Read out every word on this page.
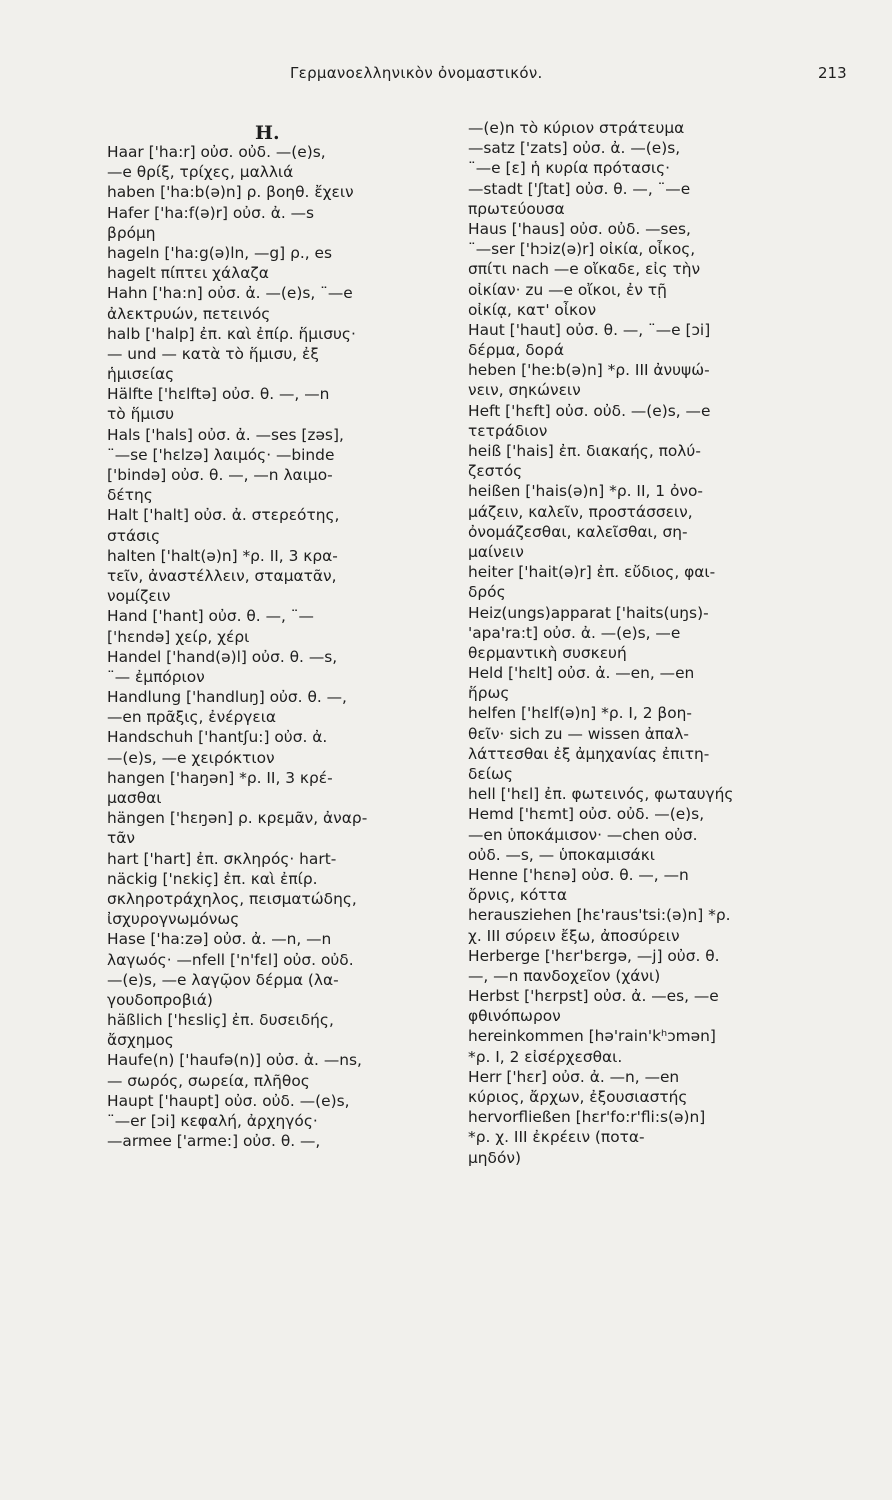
Γερμανοελληνικὸν ὀνομαστικόν.	213
H.
Haar ['ha:r] οὐσ. οὐδ. —(e)s,
—e θρίξ, τρίχες, μαλλιά
haben ['ha:b(ə)n] ρ. βοηθ. ἔχειν
Hafer ['ha:f(ə)r] οὐσ. ἀ. —s
βρόμη
hageln ['ha:g(ə)ln, —g] ρ., es
hagelt πίπτει χάλαζα
Hahn ['ha:n] οὐσ. ἀ. —(e)s, ¨—e
ἀλεκτρυών, πετεινός
halb ['halp] ἐπ. καὶ ἐπίρ. ἥμισυς·
— und — κατὰ τὸ ἥμισυ, ἐξ
ἡμισείας
Hälfte ['hɛlftə] οὐσ. θ. —, —n
τὸ ἥμισυ
Hals ['hals] οὐσ. ἀ. —ses [zəs],
¨—se ['hɛlzə] λαιμός· —binde
['bində] οὐσ. θ. —, —n λαιμο-
δέτης
Halt ['halt] οὐσ. ἀ. στερεότης,
στάσις
halten ['halt(ə)n] *ρ. II, 3 κρα-
τεῖν, ἀναστέλλειν, σταματᾶν,
νομίζειν
Hand ['hant] οὐσ. θ. —, ¨—
['hɛndə] χείρ, χέρι
Handel ['hand(ə)l] οὐσ. θ. —s,
¨— ἐμπόριον
Handlung ['handluŋ] οὐσ. θ. —,
—en πρᾶξις, ἐνέργεια
Handschuh ['hantʃu:] οὐσ. ἀ.
—(e)s, —e χειρόκτιον
hangen ['haŋən] *ρ. II, 3 κρέ-
μασθαι
hängen ['hɛŋən] ρ. κρεμᾶν, ἀναρ-
τᾶν
hart ['hart] ἐπ. σκληρός· hart-
näckig ['nɛkiç] ἐπ. καὶ ἐπίρ.
σκληροτράχηλος, πεισματώδης,
ἰσχυρογνωμόνως
Hase ['ha:zə] οὐσ. ἀ. —n, —n
λαγωός· —nfell ['n'fɛl] οὐσ. οὐδ.
—(e)s, —e λαγῷον δέρμα (λα-
γουδοπροβιά)
häßlich ['hɛsliç] ἐπ. δυσειδής,
ἄσχημος
Haufe(n) ['haufə(n)] οὐσ. ἀ. —ns,
— σωρός, σωρεία, πλῆθος
Haupt ['haupt] οὐσ. οὐδ. —(e)s,
¨—er [ɔi] κεφαλή, ἀρχηγός·
—armee ['arme:] οὐσ. θ. —,
—(e)n τὸ κύριον στράτευμα
—satz ['zats] οὐσ. ἀ. —(e)s,
¨—e [ɛ] ἡ κυρία πρότασις·
—stadt ['ʃtat] οὐσ. θ. —, ¨—e
πρωτεύουσα
Haus ['haus] οὐσ. οὐδ. —ses,
¨—ser ['hɔiz(ə)r] οἰκία, οἶκος,
σπίτι nach —e οἴκαδε, εἰς τὴν
οἰκίαν· zu —e οἴκοι, ἐν τῇ
οἰκίᾳ, κατ' οἶκον
Haut ['haut] οὐσ. θ. —, ¨—e [ɔi]
δέρμα, δορά
heben ['he:b(ə)n] *ρ. III ἀνυψώ-
νειν, σηκώνειν
Heft ['hɛft] οὐσ. οὐδ. —(e)s, —e
τετράδιον
heiß ['hais] ἐπ. διακαής, πολύ-
ζεστός
heißen ['hais(ə)n] *ρ. II, 1 ὀνο-
μάζειν, καλεῖν, προστάσσειν,
ὀνομάζεσθαι, καλεῖσθαι, ση-
μαίνειν
heiter ['hait(ə)r] ἐπ. εὔδιος, φαι-
δρός
Heiz(ungs)apparat ['haits(uŋs)-
'apa'ra:t] οὐσ. ἀ. —(e)s, —e
θερμαντικὴ συσκευή
Held ['hɛlt] οὐσ. ἀ. —en, —en
ἥρως
helfen ['hɛlf(ə)n] *ρ. I, 2 βοη-
θεῖν· sich zu — wissen ἀπαλ-
λάττεσθαι ἐξ ἀμηχανίας ἐπιτη-
δείως
hell ['hɛl] ἐπ. φωτεινός, φωταυγής
Hemd ['hɛmt] οὐσ. οὐδ. —(e)s,
—en ὑποκάμισον· —chen οὐσ.
οὐδ. —s, — ὑποκαμισάκι
Henne ['hɛnə] οὐσ. θ. —, —n
ὄρνις, κόττα
herausziehen [hɛ'raus'tsi:(ə)n] *ρ.
χ. III σύρειν ἔξω, ἀποσύρειν
Herberge ['hɛr'bɛrgə, —j] οὐσ. θ.
—, —n πανδοχεῖον (χάνι)
Herbst ['hɛrpst] οὐσ. ἀ. —es, —e
φθινόπωρον
hereinkommen [hə'rain'kʰɔmən]
*ρ. I, 2 εἰσέρχεσθαι.
Herr ['hɛr] οὐσ. ἀ. —n, —en
κύριος, ἄρχων, ἐξουσιαστής
hervorfließen [hɛr'fo:r'fli:s(ə)n]
*ρ. χ. III ἐκρέειν (ποτα-
μηδόν)
